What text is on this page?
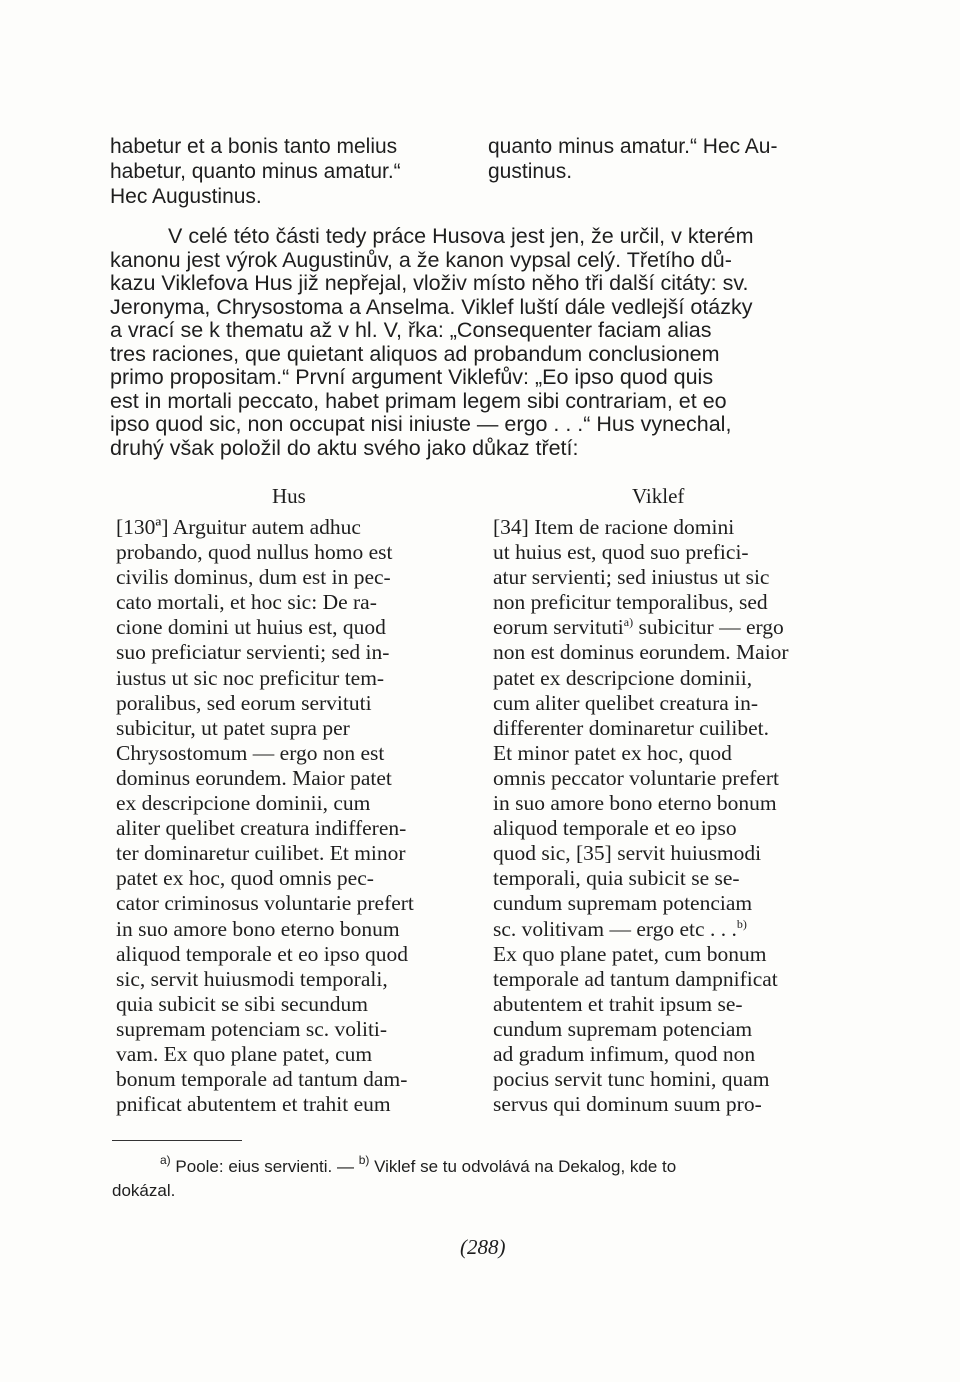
habetur et a bonis tanto melius
habetur, quanto minus amatur.“
Hec Augustinus.
quanto minus amatur.“ Hec Au-
gustinus.
V celé této části tedy práce Husova jest jen, že určil, v kterém
kanonu jest výrok Augustinův, a že kanon vypsal celý. Třetího dů-
kazu Viklefova Hus již nepřejal, vloživ místo něho tři další citáty: sv.
Jeronyma, Chrysostoma a Anselma. Viklef luští dále vedlejší otázky
a vrací se k thematu až v hl. V, řka: „Consequenter faciam alias
tres raciones, que quietant aliquos ad probandum conclusionem
primo propositam.“ První argument Viklefův: „Eo ipso quod quis
est in mortali peccato, habet primam legem sibi contrariam, et eo
ipso quod sic, non occupat nisi iniuste — ergo . . .“ Hus vynechal,
druhý však položil do aktu svého jako důkaz třetí:
Hus	Viklef
[130ª] Arguitur autem adhuc
probando, quod nullus homo est
civilis dominus, dum est in pec-
cato mortali, et hoc sic: De ra-
cione domini ut huius est, quod
suo preficiatur servienti; sed in-
iustus ut sic noc preficitur tem-
poralibus, sed eorum servituti
subicitur, ut patet supra per
Chrysostomum — ergo non est
dominus eorundem. Maior patet
ex descripcione dominii, cum
aliter quelibet creatura indifferen-
ter dominaretur cuilibet. Et minor
patet ex hoc, quod omnis pec-
cator criminosus voluntarie prefert
in suo amore bono eterno bonum
aliquod temporale et eo ipso quod
sic, servit huiusmodi temporali,
quia subicit se sibi secundum
supremam potenciam sc. voliti-
vam. Ex quo plane patet, cum
bonum temporale ad tantum dam-
pnificat abutentem et trahit eum
[34] Item de racione domini
ut huius est, quod suo prefici-
atur servienti; sed iniustus ut sic
non preficitur temporalibus, sed
eorum servituti$^{a)}$ subicitur — ergo
non est dominus eorundem. Maior
patet ex descripcione dominii,
cum aliter quelibet creatura in-
differenter dominaretur cuilibet.
Et minor patet ex hoc, quod
omnis peccator voluntarie prefert
in suo amore bono eterno bonum
aliquod temporale et eo ipso
quod sic, [35] servit huiusmodi
temporali, quia subicit se se-
cundum supremam potenciam
sc. volitivam — ergo etc . . .$^{b)}$
Ex quo plane patet, cum bonum
temporale ad tantum dampnificat
abutentem et trahit ipsum se-
cundum supremam potenciam
ad gradum infimum, quod non
pocius servit tunc homini, quam
servus qui dominum suum pro-
$^{a)}$ Poole: eius servienti. — $^{b)}$ Viklef se tu odvolává na Dekalog, kde to
dokázal.
(288)
